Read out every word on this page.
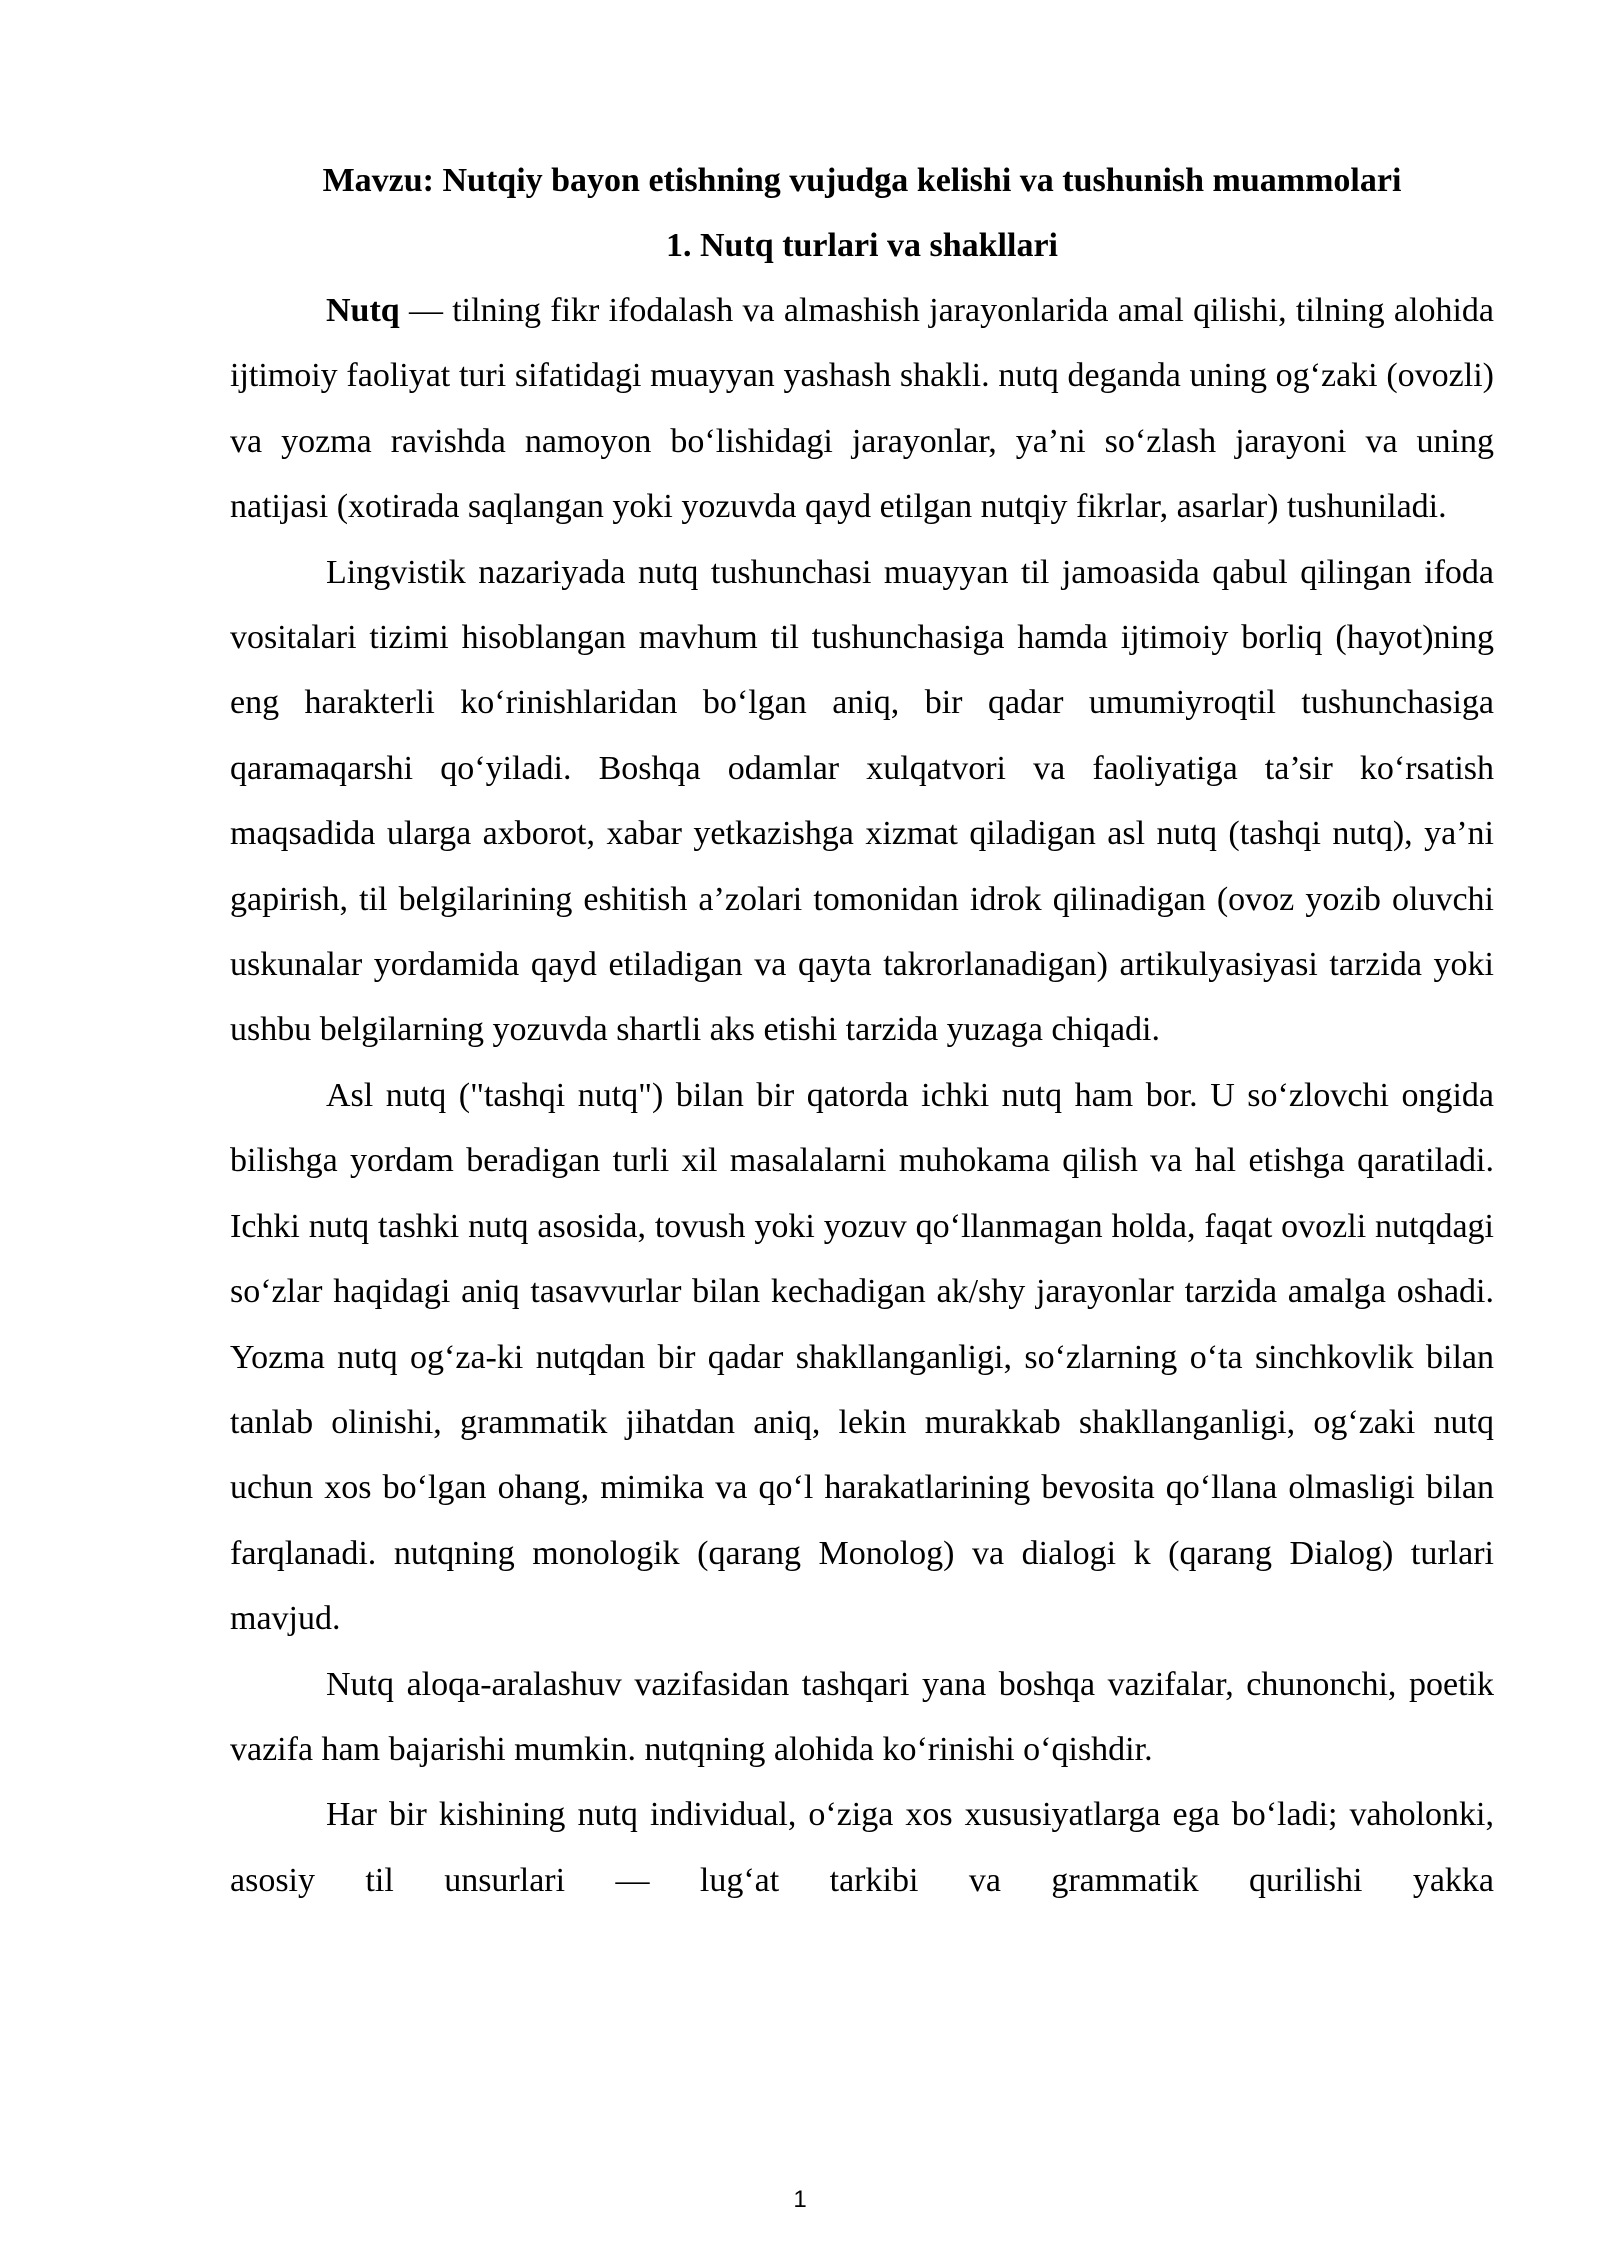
Mavzu: Nutqiy bayon etishning vujudga kelishi va tushunish muammolari
1. Nutq turlari va shakllari

Nutq — tilning fikr ifodalash va almashish jarayonlarida amal qilishi, tilning alohida ijtimoiy faoliyat turi sifatidagi muayyan yashash shakli. nutq deganda uning og‘zaki (ovozli) va yozma ravishda namoyon bo‘lishidagi jarayonlar, ya’ni so‘zlash jarayoni va uning natijasi (xotirada saqlangan yoki yozuvda qayd etilgan nutqiy fikrlar, asarlar) tushuniladi.

Lingvistik nazariyada nutq tushunchasi muayyan til jamoasida qabul qilingan ifoda vositalari tizimi hisoblangan mavhum til tushunchasiga hamda ijtimoiy borliq (hayot)ning eng harakterli ko‘rinishlaridan bo‘lgan aniq, bir qadar umumiyroqtil tushunchasiga qaramaqarshi qo‘yiladi. Boshqa odamlar xulqatvori va faoliyatiga ta’sir ko‘rsatish maqsadida ularga axborot, xabar yetkazishga xizmat qiladigan asl nutq (tashqi nutq), ya’ni gapirish, til belgilarining eshitish a’zolari tomonidan idrok qilinadigan (ovoz yozib oluvchi uskunalar yordamida qayd etiladigan va qayta takrorlanadigan) artikulyasiyasi tarzida yoki ushbu belgilarning yozuvda shartli aks etishi tarzida yuzaga chiqadi.

Asl nutq ("tashqi nutq") bilan bir qatorda ichki nutq ham bor. U so‘zlovchi ongida bilishga yordam beradigan turli xil masalalarni muhokama qilish va hal etishga qaratiladi. Ichki nutq tashki nutq asosida, tovush yoki yozuv qo‘llanmagan holda, faqat ovozli nutqdagi so‘zlar haqidagi aniq tasavvurlar bilan kechadigan ak/shy jarayonlar tarzida amalga oshadi. Yozma nutq og‘za-ki nutqdan bir qadar shakllanganligi, so‘zlarning o‘ta sinchkovlik bilan tanlab olinishi, grammatik jihatdan aniq, lekin murakkab shakllanganligi, og‘zaki nutq uchun xos bo‘lgan ohang, mimika va qo‘l harakatlarining bevosita qo‘llana olmasligi bilan farqlanadi. nutqning monologik (qarang Monolog) va dialogi k (qarang Dialog) turlari mavjud.

Nutq aloqa-aralashuv vazifasidan tashqari yana boshqa vazifalar, chunonchi, poetik vazifa ham bajarishi mumkin. nutqning alohida ko‘rinishi o‘qishdir.

Har bir kishining nutq individual, o‘ziga xos xususiyatlarga ega bo‘ladi; vaholonki, asosiy til unsurlari — lug‘at tarkibi va grammatik qurilishi yakka

1
